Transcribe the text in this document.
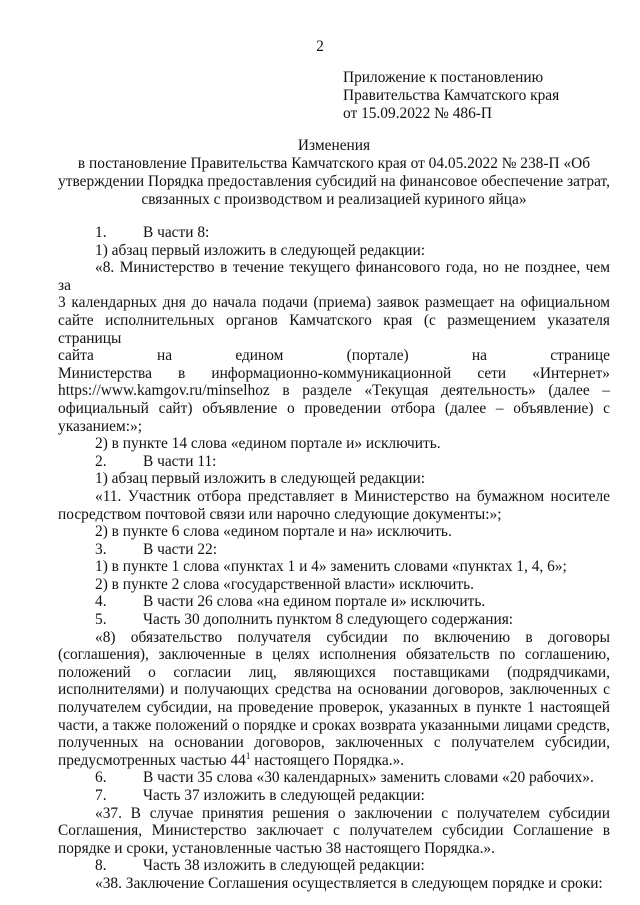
2
Приложение к постановлению
Правительства Камчатского края
от 15.09.2022 № 486-П
Изменения
в постановление Правительства Камчатского края от 04.05.2022 № 238-П «Об
утверждении Порядка предоставления субсидий на финансовое обеспечение затрат,
связанных с производством и реализацией куриного яйца»

1. В части 8:

1) абзац первый изложить в следующей редакции:

«8. Министерство в течение текущего финансового года, но не позднее, чем за

3 календарных дня до начала подачи (приема) заявок размещает на официальном

сайте исполнительных органов Камчатского края (с размещением указателя страницы

сайта на едином (портале) на странице

Министерства в информационно-коммуникационной сети «Интернет»

https://www.kamgov.ru/minselhoz в разделе «Текущая деятельность» (далее –

официальный сайт) объявление о проведении отбора (далее – объявление) с

указанием:»;

2) в пункте 14 слова «едином портале и» исключить.

2. В части 11:

1) абзац первый изложить в следующей редакции:

«11. Участник отбора представляет в Министерство на бумажном носителе

посредством почтовой связи или нарочно следующие документы:»;

2) в пункте 6 слова «едином портале и на» исключить.

3. В части 22:

1) в пункте 1 слова «пунктах 1 и 4» заменить словами «пунктах 1, 4, 6»;

2) в пункте 2 слова «государственной власти» исключить.

4. В части 26 слова «на едином портале и» исключить.

5. Часть 30 дополнить пунктом 8 следующего содержания:

«8) обязательство получателя субсидии по включению в договоры

(соглашения), заключенные в целях исполнения обязательств по соглашению,

положений о согласии лиц, являющихся поставщиками (подрядчиками,

исполнителями) и получающих средства на основании договоров, заключенных с

получателем субсидии, на проведение проверок, указанных в пункте 1 настоящей

части, а также положений о порядке и сроках возврата указанными лицами средств,

полученных на основании договоров, заключенных с получателем субсидии,

предусмотренных частью $44^1$ настоящего Порядка.».

6. В части 35 слова «30 календарных» заменить словами «20 рабочих».

7. Часть 37 изложить в следующей редакции:

«37. В случае принятия решения о заключении с получателем субсидии

Соглашения, Министерство заключает с получателем субсидии Соглашение в

порядке и сроки, установленные частью 38 настоящего Порядка.».

8. Часть 38 изложить в следующей редакции:

«38. Заключение Соглашения осуществляется в следующем порядке и сроки:
